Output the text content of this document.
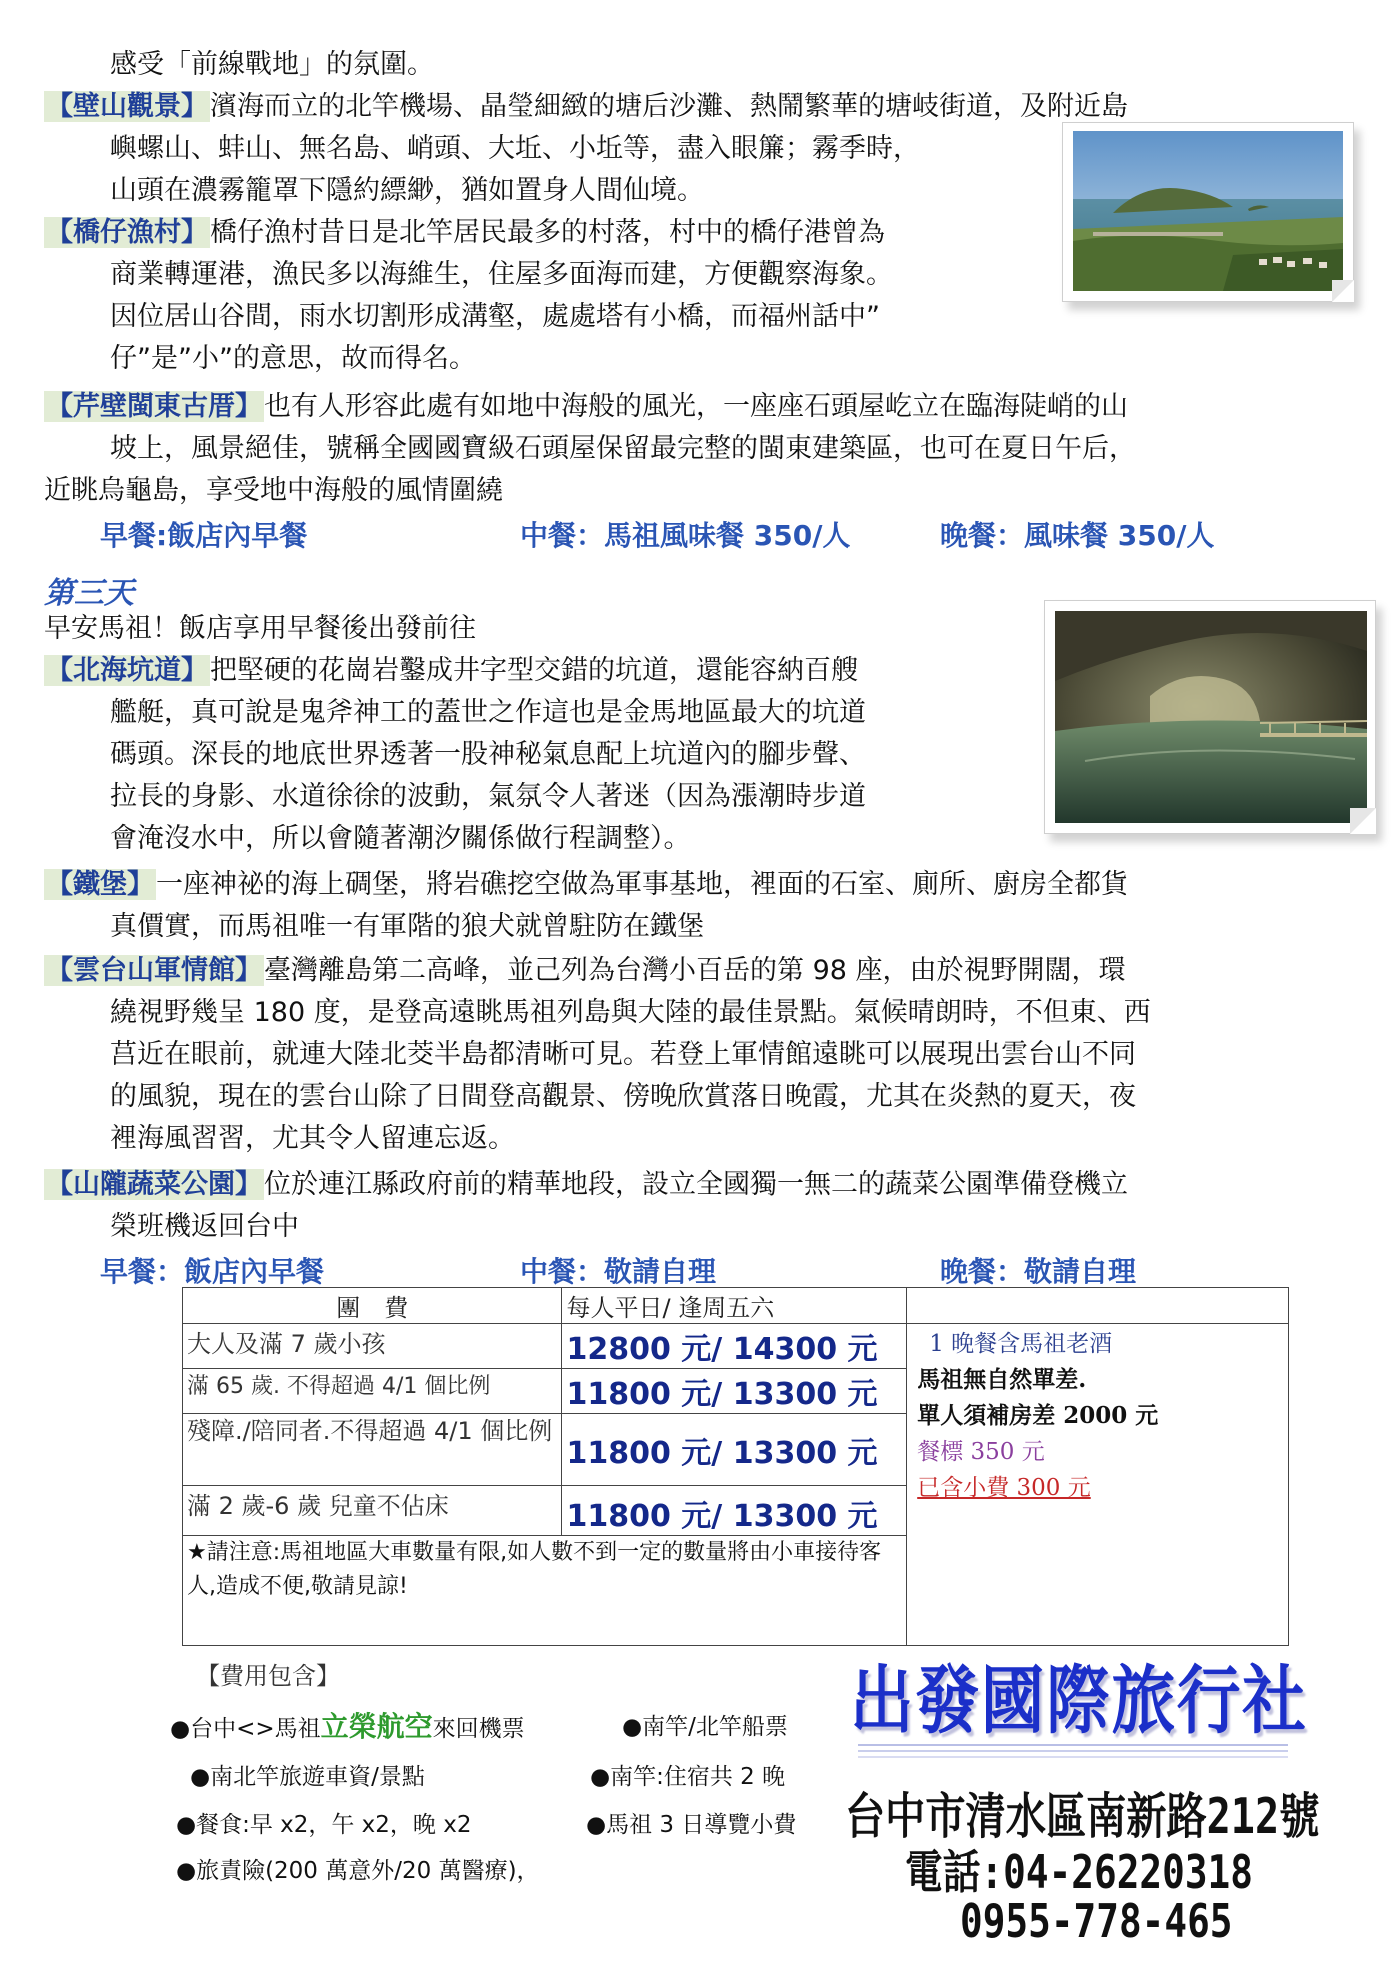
感受「前線戰地」的氛圍。
【壁山觀景】濱海而立的北竿機場、晶瑩細緻的塘后沙灘、熱鬧繁華的塘岐街道，及附近島
嶼螺山、蚌山、無名島、峭頭、大坵、小坵等，盡入眼簾；霧季時，
山頭在濃霧籠罩下隱約縹緲，猶如置身人間仙境。
【橋仔漁村】橋仔漁村昔日是北竿居民最多的村落，村中的橋仔港曾為
商業轉運港，漁民多以海維生，住屋多面海而建，方便觀察海象。
因位居山谷間，雨水切割形成溝壑，處處塔有小橋，而福州話中”
仔”是”小”的意思，故而得名。
【芹壁閩東古厝】也有人形容此處有如地中海般的風光，一座座石頭屋屹立在臨海陡峭的山
坡上，風景絕佳，號稱全國國寶級石頭屋保留最完整的閩東建築區，也可在夏日午后，
近眺烏龜島，享受地中海般的風情圍繞
早餐:飯店內早餐	中餐：馬祖風味餐 350/人	晚餐：風味餐 350/人
第三天
早安馬祖！飯店享用早餐後出發前往
【北海坑道】把堅硬的花崗岩鑿成井字型交錯的坑道，還能容納百艘
艦艇，真可說是鬼斧神工的蓋世之作這也是金馬地區最大的坑道
碼頭。深長的地底世界透著一股神秘氣息配上坑道內的腳步聲、
拉長的身影、水道徐徐的波動，氣氛令人著迷（因為漲潮時步道
會淹沒水中，所以會隨著潮汐關係做行程調整）。
【鐵堡】一座神祕的海上碉堡，將岩礁挖空做為軍事基地，裡面的石室、廁所、廚房全都貨
真價實，而馬祖唯一有軍階的狼犬就曾駐防在鐵堡
【雲台山軍情館】臺灣離島第二高峰，並己列為台灣小百岳的第 98 座，由於視野開闊，環
繞視野幾呈 180 度，是登高遠眺馬祖列島與大陸的最佳景點。氣候晴朗時，不但東、西
莒近在眼前，就連大陸北茭半島都清晰可見。若登上軍情館遠眺可以展現出雲台山不同
的風貌，現在的雲台山除了日間登高觀景、傍晚欣賞落日晚霞，尤其在炎熱的夏天，夜
裡海風習習，尤其令人留連忘返。
【山隴蔬菜公園】位於連江縣政府前的精華地段，設立全國獨一無二的蔬菜公園準備登機立
榮班機返回台中
早餐：飯店內早餐	中餐：敬請自理	晚餐：敬請自理
團　費	每人平日/ 逢周五六	
大人及滿 7 歲小孩	12800 元/ 14300 元	1 晚餐含馬祖老酒
馬祖無自然單差.
單人須補房差 2000 元
餐標 350 元
已含小費 300 元

滿 65 歲. 不得超過 4/1 個比例	11800 元/ 13300 元	
殘障./陪同者.不得超過 4/1 個比例	11800 元/ 13300 元	
滿 2 歲-6 歲 兒童不佔床	11800 元/ 13300 元	
★請注意:馬祖地區大車數量有限,如人數不到一定的數量將由小車接待客人,造成不便,敬請見諒!		
【費用包含】
●台中<>馬祖立榮航空來回機票	●南竿/北竿船票
●南北竿旅遊車資/景點	●南竿:住宿共 2 晚
●餐食:早 x2，午 x2，晚 x2	●馬祖 3 日導覽小費
●旅責險(200 萬意外/20 萬醫療)，
出發國際旅行社
台中市清水區南新路212號
電話:04-26220318
0955-778-465
